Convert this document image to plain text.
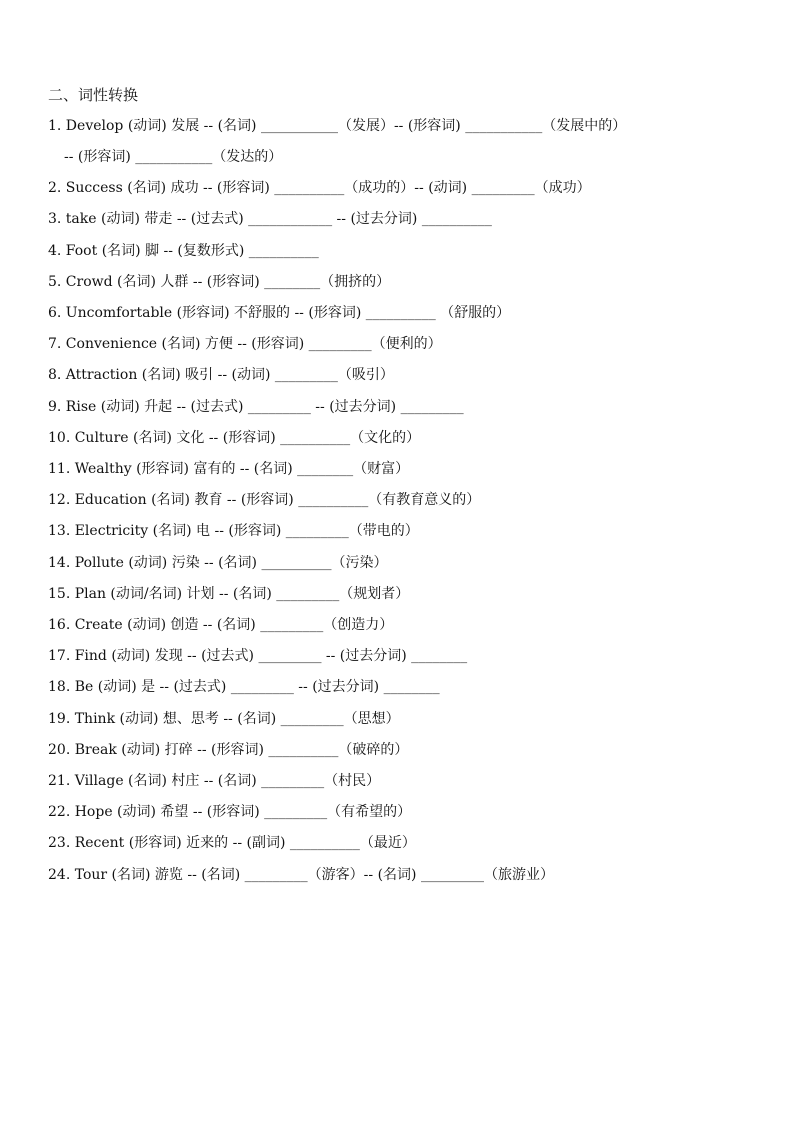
二、词性转换
1. Develop (动词) 发展 -- (名词) ___________（发展）-- (形容词) ___________（发展中的）
-- (形容词) ___________（发达的）
2. Success (名词) 成功 -- (形容词) __________（成功的）-- (动词) _________（成功）
3. take (动词) 带走 -- (过去式) ____________ -- (过去分词) __________
4. Foot (名词) 脚 -- (复数形式) __________
5. Crowd (名词) 人群 -- (形容词) ________（拥挤的）
6. Uncomfortable (形容词) 不舒服的 -- (形容词) __________ （舒服的）
7. Convenience (名词) 方便 -- (形容词) _________（便利的）
8. Attraction (名词) 吸引 -- (动词) _________（吸引）
9. Rise (动词) 升起 -- (过去式) _________ -- (过去分词) _________
10. Culture (名词) 文化 -- (形容词) __________（文化的）
11. Wealthy (形容词) 富有的 -- (名词) ________（财富）
12. Education (名词) 教育 -- (形容词) __________（有教育意义的）
13. Electricity (名词) 电 -- (形容词) _________（带电的）
14. Pollute (动词) 污染 -- (名词) __________（污染）
15. Plan (动词/名词) 计划 -- (名词) _________（规划者）
16. Create (动词) 创造 -- (名词) _________（创造力）
17. Find (动词) 发现 -- (过去式) _________ -- (过去分词) ________
18. Be (动词) 是 -- (过去式) _________ -- (过去分词) ________
19. Think (动词) 想、思考 -- (名词) _________（思想）
20. Break (动词) 打碎 -- (形容词) __________（破碎的）
21. Village (名词) 村庄 -- (名词) _________（村民）
22. Hope (动词) 希望 -- (形容词) _________（有希望的）
23. Recent (形容词) 近来的 -- (副词) __________（最近）
24. Tour (名词) 游览 -- (名词) _________（游客）-- (名词) _________（旅游业）
